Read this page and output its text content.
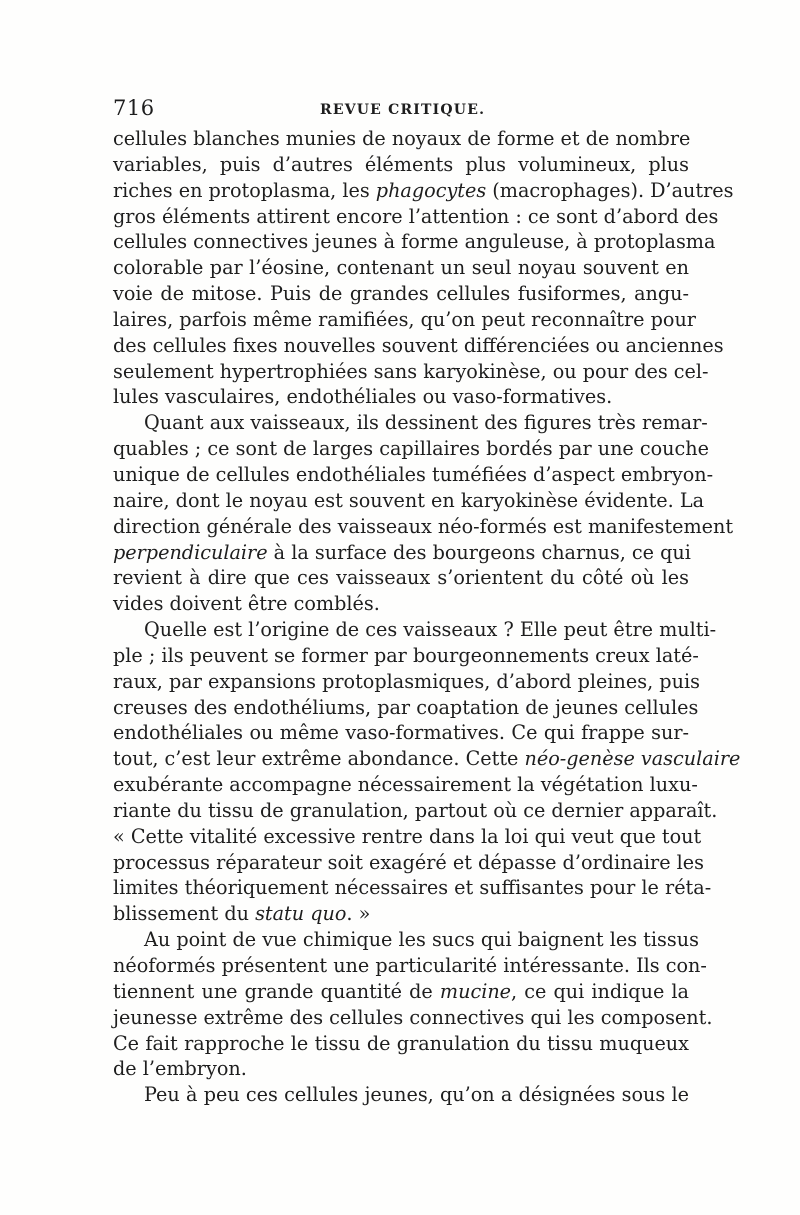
716	REVUE CRITIQUE.
cellules blanches munies de noyaux de forme et de nombre
variables, puis d’autres éléments plus volumineux, plus
riches en protoplasma, les phagocytes (macrophages). D’autres
gros éléments attirent encore l’attention : ce sont d’abord des
cellules connectives jeunes à forme anguleuse, à protoplasma
colorable par l’éosine, contenant un seul noyau souvent en
voie de mitose. Puis de grandes cellules fusiformes, angu-
laires, parfois même ramifiées, qu’on peut reconnaître pour
des cellules fixes nouvelles souvent différenciées ou anciennes
seulement hypertrophiées sans karyokinèse, ou pour des cel-
lules vasculaires, endothéliales ou vaso-formatives.
Quant aux vaisseaux, ils dessinent des figures très remar-
quables ; ce sont de larges capillaires bordés par une couche
unique de cellules endothéliales tuméfiées d’aspect embryon-
naire, dont le noyau est souvent en karyokinèse évidente. La
direction générale des vaisseaux néo-formés est manifestement
perpendiculaire à la surface des bourgeons charnus, ce qui
revient à dire que ces vaisseaux s’orientent du côté où les
vides doivent être comblés.
Quelle est l’origine de ces vaisseaux ? Elle peut être multi-
ple ; ils peuvent se former par bourgeonnements creux laté-
raux, par expansions protoplasmiques, d’abord pleines, puis
creuses des endothéliums, par coaptation de jeunes cellules
endothéliales ou même vaso-formatives. Ce qui frappe sur-
tout, c’est leur extrême abondance. Cette néo-genèse vasculaire
exubérante accompagne nécessairement la végétation luxu-
riante du tissu de granulation, partout où ce dernier apparaît.
« Cette vitalité excessive rentre dans la loi qui veut que tout
processus réparateur soit exagéré et dépasse d’ordinaire les
limites théoriquement nécessaires et suffisantes pour le réta-
blissement du statu quo. »
Au point de vue chimique les sucs qui baignent les tissus
néoformés présentent une particularité intéressante. Ils con-
tiennent une grande quantité de mucine, ce qui indique la
jeunesse extrême des cellules connectives qui les composent.
Ce fait rapproche le tissu de granulation du tissu muqueux
de l’embryon.
Peu à peu ces cellules jeunes, qu’on a désignées sous le
